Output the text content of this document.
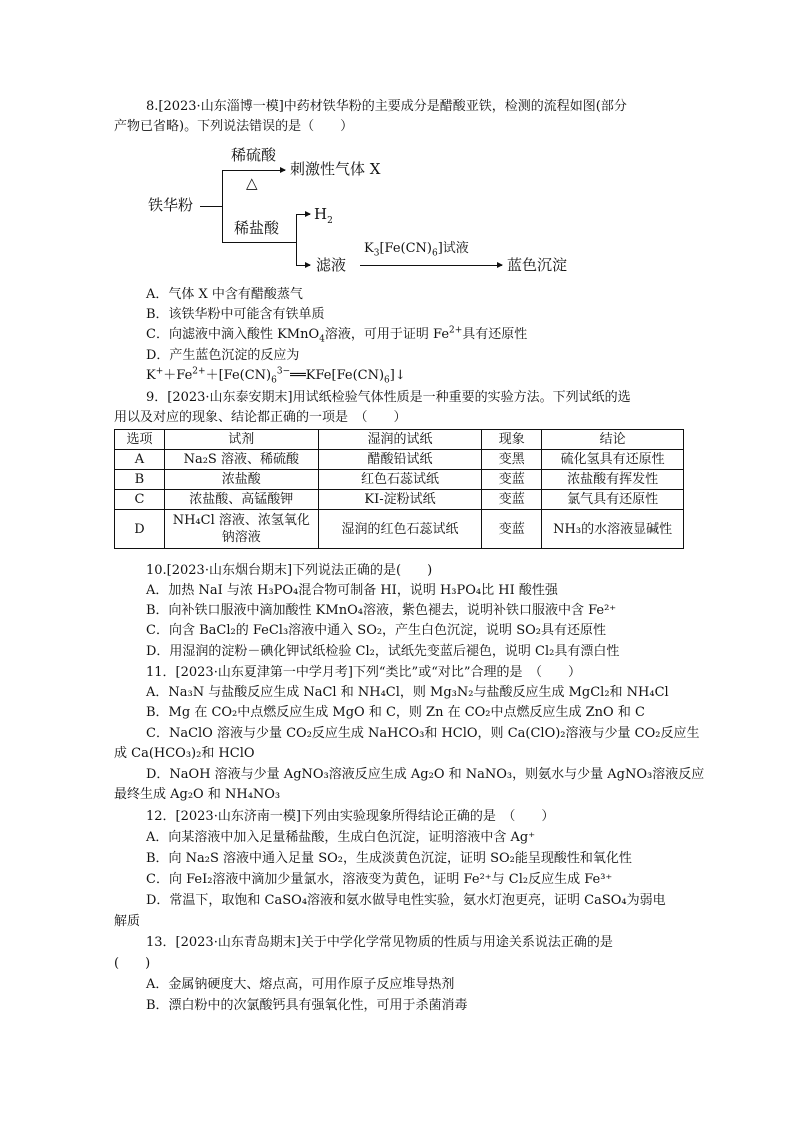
8.[2023·山东淄博一模]中药材铁华粉的主要成分是醋酸亚铁，检测的流程如图(部分
产物已省略)。下列说法错误的是（　　）
铁华粉
稀硫酸
△
刺激性气体 X
稀盐酸
$H_2$
滤液
$K_3[Fe(CN)_6]$试液
蓝色沉淀
A．气体 X 中含有醋酸蒸气
B．该铁华粉中可能含有铁单质
C．向滤液中滴入酸性 KMnO$_4$溶液，可用于证明 $Fe^{2+}$具有还原性
D．产生蓝色沉淀的反应为
$K^++Fe^{2+}+[Fe(CN)_6^{3-}══KFe[Fe(CN)_6]↓$
9．[2023·山东泰安期末]用试纸检验气体性质是一种重要的实验方法。下列试纸的选
用以及对应的现象、结论都正确的一项是　（　　）
选项	试剂	湿润的试纸	现象	结论
A	Na₂S 溶液、稀硫酸	醋酸铅试纸	变黑	硫化氢具有还原性
B	浓盐酸	红色石蕊试纸	变蓝	浓盐酸有挥发性
C	浓盐酸、高锰酸钾	KI-淀粉试纸	变蓝	氯气具有还原性
D	NH₄Cl 溶液、浓氢氧化
钠溶液	湿润的红色石蕊试纸	变蓝	NH₃的水溶液显碱性
10.[2023·山东烟台期末]下列说法正确的是(　　)
A．加热 NaI 与浓 H₃PO₄混合物可制备 HI，说明 H₃PO₄比 HI 酸性强
B．向补铁口服液中滴加酸性 KMnO₄溶液，紫色褪去，说明补铁口服液中含 Fe²⁺
C．向含 BaCl₂的 FeCl₃溶液中通入 SO₂，产生白色沉淀，说明 SO₂具有还原性
D．用湿润的淀粉－碘化钾试纸检验 Cl₂，试纸先变蓝后褪色，说明 Cl₂具有漂白性
11．[2023·山东夏津第一中学月考]下列“类比”或“对比”合理的是　（　　）
A．Na₃N 与盐酸反应生成 NaCl 和 NH₄Cl，则 Mg₃N₂与盐酸反应生成 MgCl₂和 NH₄Cl
B．Mg 在 CO₂中点燃反应生成 MgO 和 C，则 Zn 在 CO₂中点燃反应生成 ZnO 和 C
C．NaClO 溶液与少量 CO₂反应生成 NaHCO₃和 HClO，则 Ca(ClO)₂溶液与少量 CO₂反应生
成 Ca(HCO₃)₂和 HClO
D．NaOH 溶液与少量 AgNO₃溶液反应生成 Ag₂O 和 NaNO₃，则氨水与少量 AgNO₃溶液反应
最终生成 Ag₂O 和 NH₄NO₃
12．[2023·山东济南一模]下列由实验现象所得结论正确的是　（　　）
A．向某溶液中加入足量稀盐酸，生成白色沉淀，证明溶液中含 Ag⁺
B．向 Na₂S 溶液中通入足量 SO₂，生成淡黄色沉淀，证明 SO₂能呈现酸性和氧化性
C．向 FeI₂溶液中滴加少量氯水，溶液变为黄色，证明 Fe²⁺与 Cl₂反应生成 Fe³⁺
D．常温下，取饱和 CaSO₄溶液和氨水做导电性实验，氨水灯泡更亮，证明 CaSO₄为弱电
解质
13．[2023·山东青岛期末]关于中学化学常见物质的性质与用途关系说法正确的是
(　　)
A．金属钠硬度大、熔点高，可用作原子反应堆导热剂
B．漂白粉中的次氯酸钙具有强氧化性，可用于杀菌消毒
